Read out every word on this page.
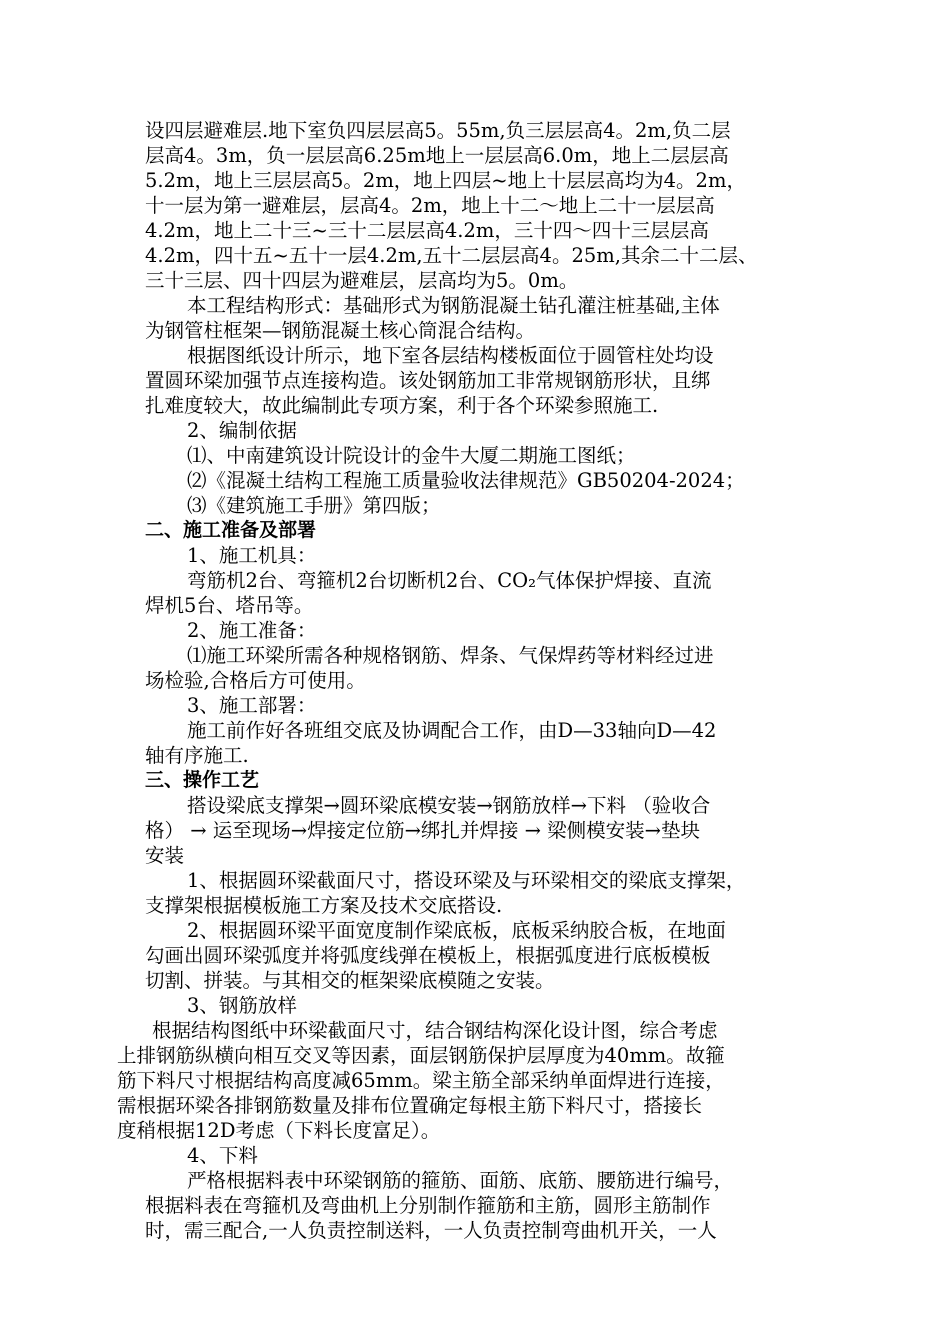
设四层避难层.地下室负四层层高5。55m,负三层层高4。2m,负二层
层高4。3m，负一层层高6.25m地上一层层高6.0m，地上二层层高
5.2m，地上三层层高5。2m，地上四层~地上十层层高均为4。2m，
十一层为第一避难层，层高4。2m，地上十二～地上二十一层层高
4.2m，地上二十三~三十二层层高4.2m，三十四～四十三层层高
4.2m，四十五~五十一层4.2m,五十二层层高4。25m,其余二十二层、
三十三层、四十四层为避难层，层高均为5。0m。
本工程结构形式：基础形式为钢筋混凝土钻孔灌注桩基础,主体
为钢管柱框架—钢筋混凝土核心筒混合结构。
根据图纸设计所示，地下室各层结构楼板面位于圆管柱处均设
置圆环梁加强节点连接构造。该处钢筋加工非常规钢筋形状，且绑
扎难度较大，故此编制此专项方案，利于各个环梁参照施工.
2、编制依据
⑴、中南建筑设计院设计的金牛大厦二期施工图纸；
⑵《混凝土结构工程施工质量验收法律规范》GB50204-2024；
⑶《建筑施工手册》第四版；
二、施工准备及部署
1、施工机具：
弯筋机2台、弯箍机2台切断机2台、CO₂气体保护焊接、直流
焊机5台、塔吊等。
2、施工准备：
⑴施工环梁所需各种规格钢筋、焊条、气保焊药等材料经过进
场检验,合格后方可使用。
3、施工部署：
施工前作好各班组交底及协调配合工作，由D—33轴向D—42
轴有序施工.
三、操作工艺
搭设梁底支撑架→圆环梁底模安装→钢筋放样→下料 （验收合
格） → 运至现场→焊接定位筋→绑扎并焊接 → 梁侧模安装→垫块
安装
1、根据圆环梁截面尺寸，搭设环梁及与环梁相交的梁底支撑架，
支撑架根据模板施工方案及技术交底搭设.
2、根据圆环梁平面宽度制作梁底板，底板采纳胶合板，在地面
勾画出圆环梁弧度并将弧度线弹在模板上，根据弧度进行底板模板
切割、拼装。与其相交的框架梁底模随之安装。
3、钢筋放样
根据结构图纸中环梁截面尺寸，结合钢结构深化设计图，综合考虑
上排钢筋纵横向相互交叉等因素，面层钢筋保护层厚度为40mm。故箍
筋下料尺寸根据结构高度减65mm。梁主筋全部采纳单面焊进行连接，
需根据环梁各排钢筋数量及排布位置确定每根主筋下料尺寸，搭接长
度稍根据12D考虑（下料长度富足）。
4、下料
严格根据料表中环梁钢筋的箍筋、面筋、底筋、腰筋进行编号，
根据料表在弯箍机及弯曲机上分别制作箍筋和主筋，圆形主筋制作
时，需三配合,一人负责控制送料，一人负责控制弯曲机开关，一人
